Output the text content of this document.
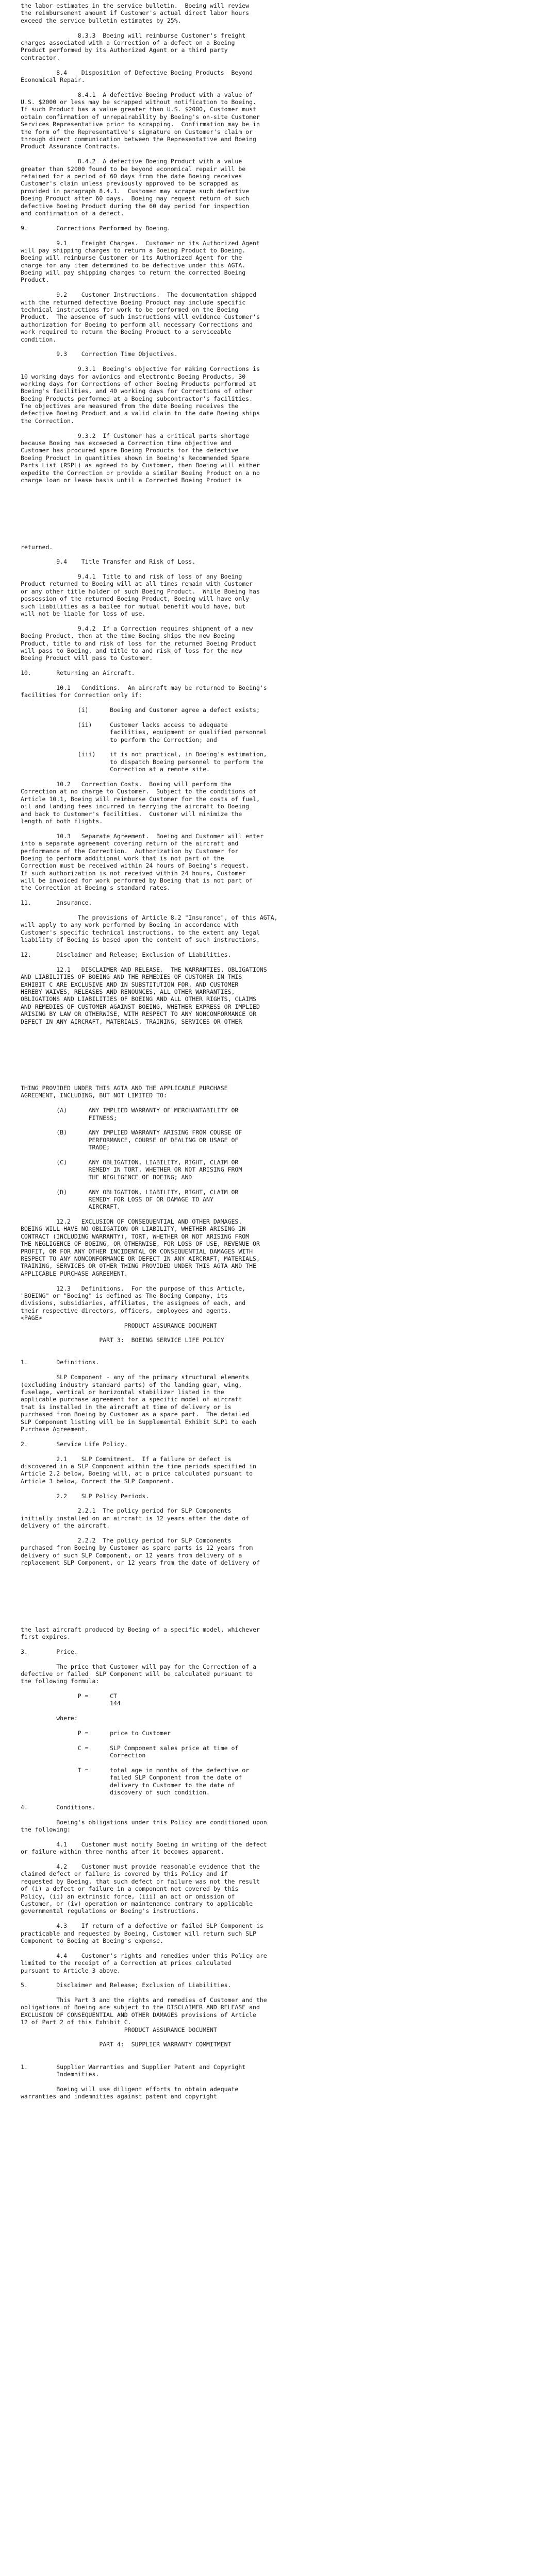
the labor estimates in the service bulletin.  Boeing will review
the reimbursement amount if Customer's actual direct labor hours
exceed the service bulletin estimates by 25%.
8.3.3  Boeing will reimburse Customer's freight
charges associated with a Correction of a defect on a Boeing
Product performed by its Authorized Agent or a third party
contractor.
8.4    Disposition of Defective Boeing Products  Beyond
Economical Repair.
8.4.1  A defective Boeing Product with a value of
U.S. $2000 or less may be scrapped without notification to Boeing.
If such Product has a value greater than U.S. $2000, Customer must
obtain confirmation of unrepairability by Boeing's on-site Customer
Services Representative prior to scrapping.  Confirmation may be in
the form of the Representative's signature on Customer's claim or
through direct communication between the Representative and Boeing
Product Assurance Contracts.
8.4.2  A defective Boeing Product with a value
greater than $2000 found to be beyond economical repair will be
retained for a period of 60 days from the date Boeing receives
Customer's claim unless previously approved to be scrapped as
provided in paragraph 8.4.1.  Customer may scrape such defective
Boeing Product after 60 days.  Boeing may request return of such
defective Boeing Product during the 60 day period for inspection
and confirmation of a defect.
9.        Corrections Performed by Boeing.
9.1    Freight Charges.  Customer or its Authorized Agent
will pay shipping charges to return a Boeing Product to Boeing.
Boeing will reimburse Customer or its Authorized Agent for the
charge for any item determined to be defective under this AGTA.
Boeing will pay shipping charges to return the corrected Boeing
Product.
9.2    Customer Instructions.  The documentation shipped
with the returned defective Boeing Product may include specific
technical instructions for work to be performed on the Boeing
Product.  The absence of such instructions will evidence Customer's
authorization for Boeing to perform all necessary Corrections and
work required to return the Boeing Product to a serviceable
condition.
9.3    Correction Time Objectives.
9.3.1  Boeing's objective for making Corrections is
10 working days for avionics and electronic Boeing Products, 30
working days for Corrections of other Boeing Products performed at
Boeing's facilities, and 40 working days for Corrections of other
Boeing Products performed at a Boeing subcontractor's facilities.
The objectives are measured from the date Boeing receives the
defective Boeing Product and a valid claim to the date Boeing ships
the Correction.
9.3.2  If Customer has a critical parts shortage
because Boeing has exceeded a Correction time objective and
Customer has procured spare Boeing Products for the defective
Boeing Product in quantities shown in Boeing's Recommended Spare
Parts List (RSPL) as agreed to by Customer, then Boeing will either
expedite the Correction or provide a similar Boeing Product on a no
charge loan or lease basis until a Corrected Boeing Product is
returned.
9.4    Title Transfer and Risk of Loss.
9.4.1  Title to and risk of loss of any Boeing
Product returned to Boeing will at all times remain with Customer
or any other title holder of such Boeing Product.  While Boeing has
possession of the returned Boeing Product, Boeing will have only
such liabilities as a bailee for mutual benefit would have, but
will not be liable for loss of use.
9.4.2  If a Correction requires shipment of a new
Boeing Product, then at the time Boeing ships the new Boeing
Product, title to and risk of loss for the returned Boeing Product
will pass to Boeing, and title to and risk of loss for the new
Boeing Product will pass to Customer.
10.       Returning an Aircraft.
10.1   Conditions.  An aircraft may be returned to Boeing's
facilities for Correction only if:
(i)      Boeing and Customer agree a defect exists;
(ii)     Customer lacks access to adequate
facilities, equipment or qualified personnel
to perform the Correction; and
(iii)    it is not practical, in Boeing's estimation,
to dispatch Boeing personnel to perform the
Correction at a remote site.
10.2   Correction Costs.  Boeing will perform the
Correction at no charge to Customer.  Subject to the conditions of
Article 10.1, Boeing will reimburse Customer for the costs of fuel,
oil and landing fees incurred in ferrying the aircraft to Boeing
and back to Customer's facilities.  Customer will minimize the
length of both flights.
10.3   Separate Agreement.  Boeing and Customer will enter
into a separate agreement covering return of the aircraft and
performance of the Correction.  Authorization by Customer for
Boeing to perform additional work that is not part of the
Correction must be received within 24 hours of Boeing's request.
If such authorization is not received within 24 hours, Customer
will be invoiced for work performed by Boeing that is not part of
the Correction at Boeing's standard rates.
11.       Insurance.
The provisions of Article 8.2 "Insurance", of this AGTA,
will apply to any work performed by Boeing in accordance with
Customer's specific technical instructions, to the extent any legal
liability of Boeing is based upon the content of such instructions.
12.       Disclaimer and Release; Exclusion of Liabilities.
12.1   DISCLAIMER AND RELEASE.  THE WARRANTIES, OBLIGATIONS
AND LIABILITIES OF BOEING AND THE REMEDIES OF CUSTOMER IN THIS
EXHIBIT C ARE EXCLUSIVE AND IN SUBSTITUTION FOR, AND CUSTOMER
HEREBY WAIVES, RELEASES AND RENOUNCES, ALL OTHER WARRANTIES,
OBLIGATIONS AND LIABILITIES OF BOEING AND ALL OTHER RIGHTS, CLAIMS
AND REMEDIES OF CUSTOMER AGAINST BOEING, WHETHER EXPRESS OR IMPLIED
ARISING BY LAW OR OTHERWISE, WITH RESPECT TO ANY NONCONFORMANCE OR
DEFECT IN ANY AIRCRAFT, MATERIALS, TRAINING, SERVICES OR OTHER
THING PROVIDED UNDER THIS AGTA AND THE APPLICABLE PURCHASE
AGREEMENT, INCLUDING, BUT NOT LIMITED TO:
(A)      ANY IMPLIED WARRANTY OF MERCHANTABILITY OR
FITNESS;
(B)      ANY IMPLIED WARRANTY ARISING FROM COURSE OF
PERFORMANCE, COURSE OF DEALING OR USAGE OF
TRADE;
(C)      ANY OBLIGATION, LIABILITY, RIGHT, CLAIM OR
REMEDY IN TORT, WHETHER OR NOT ARISING FROM
THE NEGLIGENCE OF BOEING; AND
(D)      ANY OBLIGATION, LIABILITY, RIGHT, CLAIM OR
REMEDY FOR LOSS OF OR DAMAGE TO ANY
AIRCRAFT.
12.2   EXCLUSION OF CONSEQUENTIAL AND OTHER DAMAGES.
BOEING WILL HAVE NO OBLIGATION OR LIABILITY, WHETHER ARISING IN
CONTRACT (INCLUDING WARRANTY), TORT, WHETHER OR NOT ARISING FROM
THE NEGLIGENCE OF BOEING, OR OTHERWISE, FOR LOSS OF USE, REVENUE OR
PROFIT, OR FOR ANY OTHER INCIDENTAL OR CONSEQUENTIAL DAMAGES WITH
RESPECT TO ANY NONCONFORMANCE OR DEFECT IN ANY AIRCRAFT, MATERIALS,
TRAINING, SERVICES OR OTHER THING PROVIDED UNDER THIS AGTA AND THE
APPLICABLE PURCHASE AGREEMENT.
12.3   Definitions.  For the purpose of this Article,
"BOEING" or "Boeing" is defined as The Boeing Company, its
divisions, subsidiaries, affiliates, the assignees of each, and
their respective directors, officers, employees and agents.
<PAGE>
PRODUCT ASSURANCE DOCUMENT
PART 3:  BOEING SERVICE LIFE POLICY
1.        Definitions.
SLP Component - any of the primary structural elements
(excluding industry standard parts) of the landing gear, wing,
fuselage, vertical or horizontal stabilizer listed in the
applicable purchase agreement for a specific model of aircraft
that is installed in the aircraft at time of delivery or is
purchased from Boeing by Customer as a spare part.  The detailed
SLP Component listing will be in Supplemental Exhibit SLP1 to each
Purchase Agreement.
2.        Service Life Policy.
2.1    SLP Commitment.  If a failure or defect is
discovered in a SLP Component within the time periods specified in
Article 2.2 below, Boeing will, at a price calculated pursuant to
Article 3 below, Correct the SLP Component.
2.2    SLP Policy Periods.
2.2.1  The policy period for SLP Components
initially installed on an aircraft is 12 years after the date of
delivery of the aircraft.
2.2.2  The policy period for SLP Components
purchased from Boeing by Customer as spare parts is 12 years from
delivery of such SLP Component, or 12 years from delivery of a
replacement SLP Component, or 12 years from the date of delivery of
the last aircraft produced by Boeing of a specific model, whichever
first expires.
3.        Price.
The price that Customer will pay for the Correction of a
defective or failed  SLP Component will be calculated pursuant to
the following formula:
P =      CT
144
where:
P =      price to Customer
C =      SLP Component sales price at time of
Correction
T =      total age in months of the defective or
failed SLP Component from the date of
delivery to Customer to the date of
discovery of such condition.
4.        Conditions.
Boeing's obligations under this Policy are conditioned upon
the following:
4.1    Customer must notify Boeing in writing of the defect
or failure within three months after it becomes apparent.
4.2    Customer must provide reasonable evidence that the
claimed defect or failure is covered by this Policy and if
requested by Boeing, that such defect or failure was not the result
of (i) a defect or failure in a component not covered by this
Policy, (ii) an extrinsic force, (iii) an act or omission of
Customer, or (iv) operation or maintenance contrary to applicable
governmental regulations or Boeing's instructions.
4.3    If return of a defective or failed SLP Component is
practicable and requested by Boeing, Customer will return such SLP
Component to Boeing at Boeing's expense.
4.4    Customer's rights and remedies under this Policy are
limited to the receipt of a Correction at prices calculated
pursuant to Article 3 above.
5.        Disclaimer and Release; Exclusion of Liabilities.
This Part 3 and the rights and remedies of Customer and the
obligations of Boeing are subject to the DISCLAIMER AND RELEASE and
EXCLUSION OF CONSEQUENTIAL AND OTHER DAMAGES provisions of Article
12 of Part 2 of this Exhibit C.
PRODUCT ASSURANCE DOCUMENT
PART 4:  SUPPLIER WARRANTY COMMITMENT
1.        Supplier Warranties and Supplier Patent and Copyright
Indemnities.
Boeing will use diligent efforts to obtain adequate
warranties and indemnities against patent and copyright
